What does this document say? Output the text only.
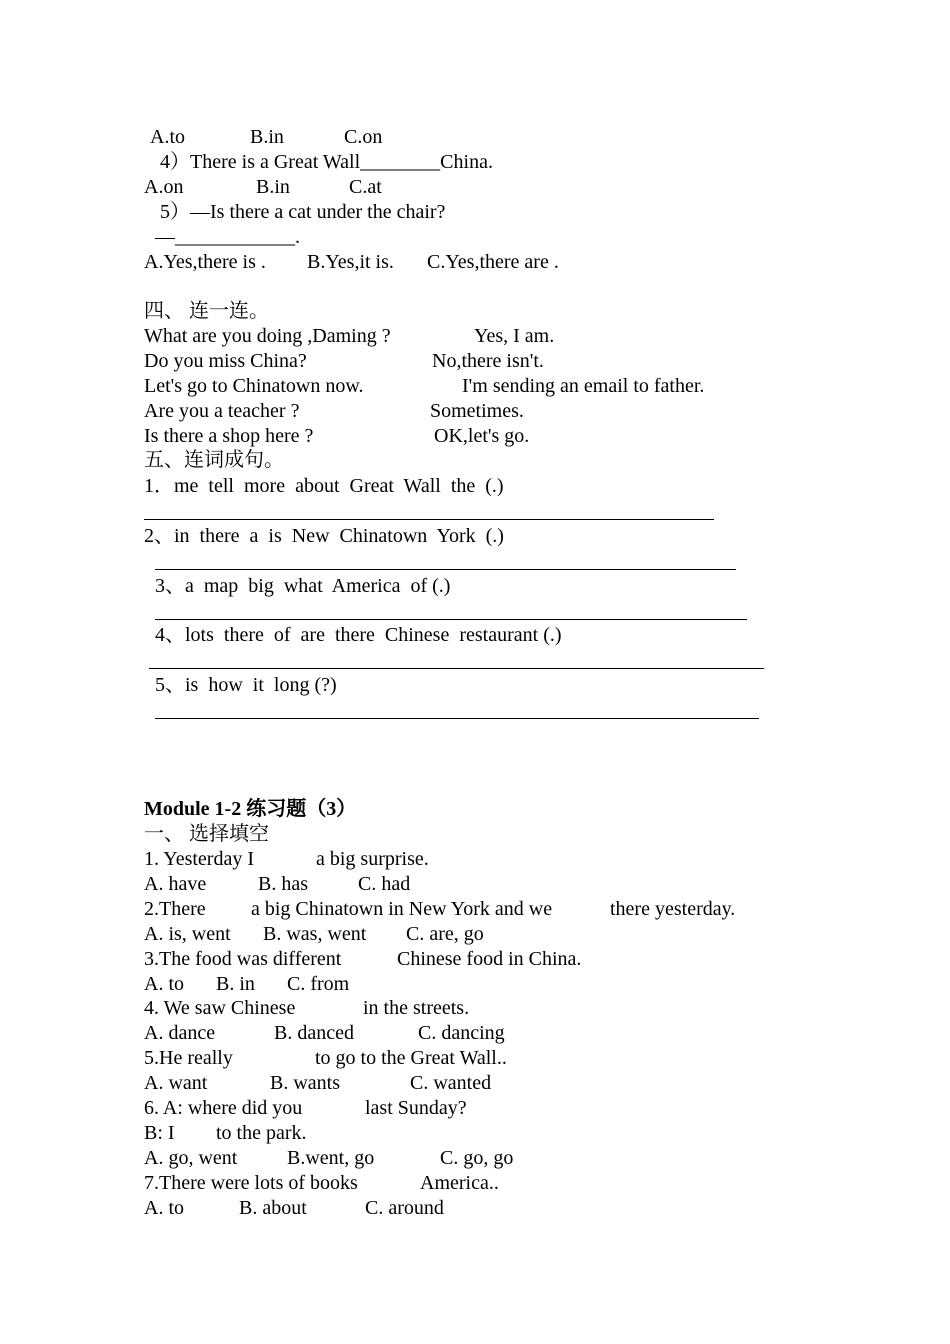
A.to	B.in	C.on
4）There is a Great Wall________China.
A.on	B.in	C.at
5）—Is there a cat under the chair?
—____________.
A.Yes,there is . B.Yes,it is. C.Yes,there are .
四、 连一连。
What are you doing ,Daming ?	Yes, I am.
Do you miss China?	No,there isn't.
Let's go to Chinatown now.	I'm sending an email to father.
Are you a teacher ?	Sometimes.
Is there a shop here ?	OK,let's go.
五、连词成句。
1．me  tell  more  about  Great  Wall  the  (.)
2、in  there  a  is  New  Chinatown  York  (.)
3、a  map  big  what  America  of (.)
4、lots  there  of  are  there  Chinese  restaurant (.)
5、is  how  it  long (?)
Module 1-2 练习题（3）
一、 选择填空
1. Yesterday I	a big surprise.
A. have	B. has	C. had
2.There a big Chinatown in New York and we	there yesterday.
A. is, went B. was, went C. are, go
3.The food was different	Chinese food in China.
A. to B. in C. from
4. We saw Chinese	in the streets.
A. dance	B. danced	C. dancing
5.He really	to go to the Great Wall..
A. want	B. wants	C. wanted
6. A: where did you	last Sunday?
B: I to the park.
A. go, went B.went, go	C. go, go
7.There were lots of books	America..
A. to	B. about	C. around
